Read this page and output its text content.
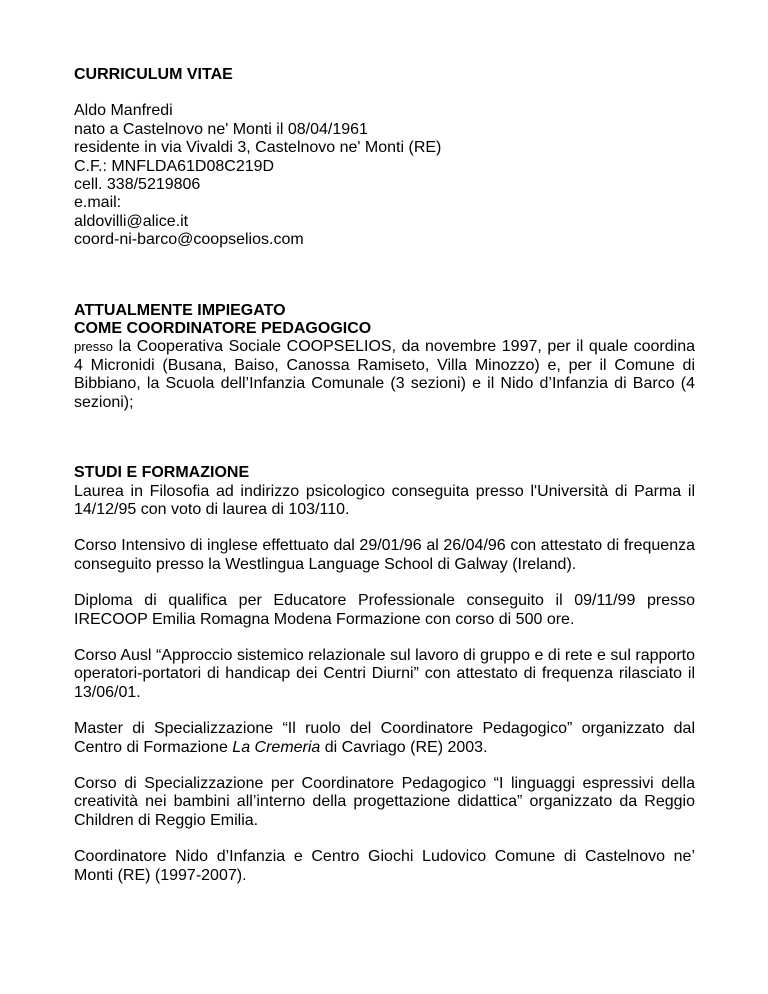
CURRICULUM VITAE
Aldo Manfredi
nato a Castelnovo ne' Monti il 08/04/1961
residente in via Vivaldi 3, Castelnovo ne' Monti (RE)
C.F.: MNFLDA61D08C219D
cell. 338/5219806
e.mail:
aldovilli@alice.it
coord-ni-barco@coopselios.com
ATTUALMENTE IMPIEGATO
COME COORDINATORE PEDAGOGICO

presso la Cooperativa Sociale COOPSELIOS, da novembre 1997, per il quale coordina 4 Micronidi (Busana, Baiso, Canossa Ramiseto, Villa Minozzo) e, per il Comune di Bibbiano, la Scuola dell’Infanzia Comunale (3 sezioni) e il Nido d’Infanzia di Barco (4 sezioni);

STUDI E FORMAZIONE

Laurea in Filosofia ad indirizzo psicologico conseguita presso l'Università di Parma il 14/12/95 con voto di laurea di 103/110.

Corso Intensivo di inglese effettuato dal 29/01/96 al 26/04/96 con attestato di frequenza conseguito presso la Westlingua Language School di Galway (Ireland).

Diploma di qualifica per Educatore Professionale conseguito il 09/11/99 presso IRECOOP Emilia Romagna Modena Formazione con corso di 500 ore.

Corso Ausl “Approccio sistemico relazionale sul lavoro di gruppo e di rete e sul rapporto operatori-portatori di handicap dei Centri Diurni” con attestato di frequenza rilasciato il 13/06/01.

Master di Specializzazione “Il ruolo del Coordinatore Pedagogico” organizzato dal Centro di Formazione La Cremeria di Cavriago (RE) 2003.

Corso di Specializzazione per Coordinatore Pedagogico “I linguaggi espressivi della creatività nei bambini all’interno della progettazione didattica” organizzato da Reggio Children di Reggio Emilia.

Coordinatore Nido d’Infanzia e Centro Giochi Ludovico Comune di Castelnovo ne’ Monti (RE) (1997-2007).
